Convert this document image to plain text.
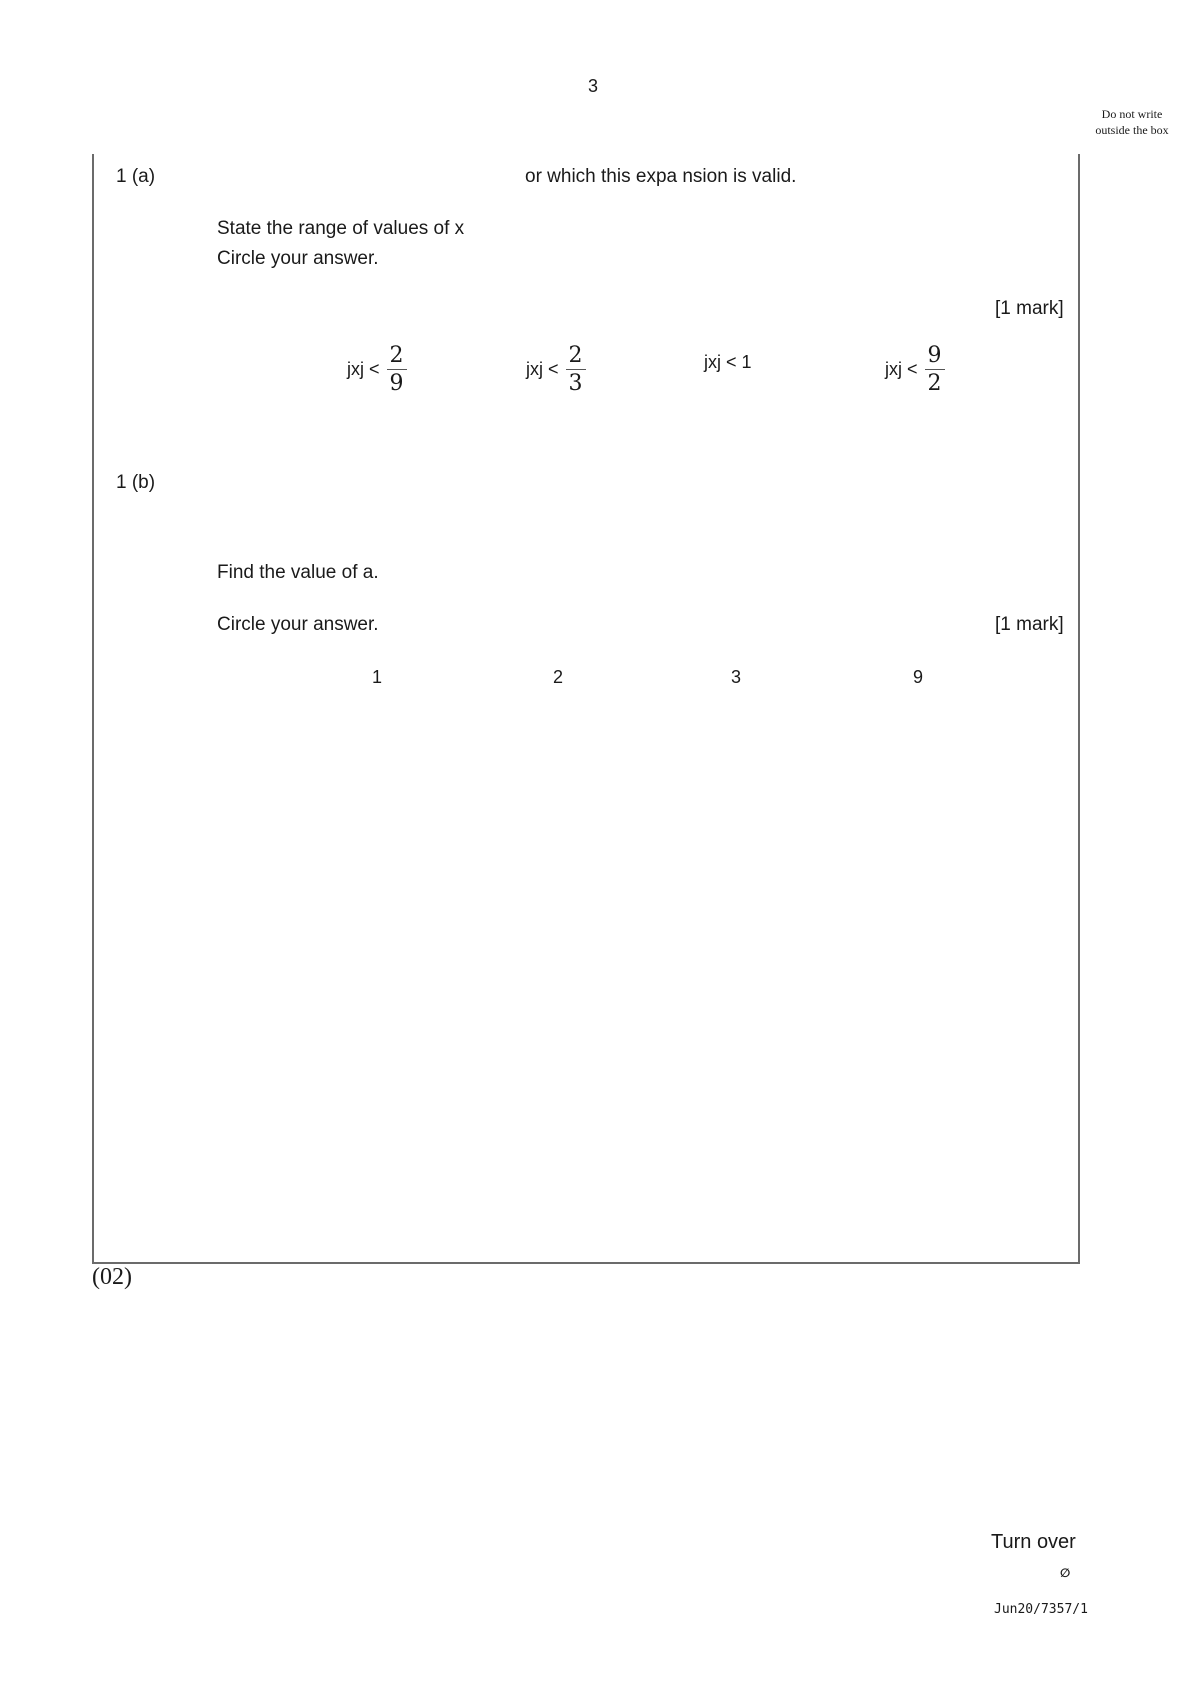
3
Do not write outside the box
1 (a)	or which this expa nsion is valid.
State the range of values of x
Circle your answer.
[1 mark]
jxj < $\frac{2}{9}$	jxj < $\frac{2}{3}$	jxj < 1	jxj < $\frac{9}{2}$
1 (b)
Find the value of a.
Circle your answer.	[1 mark]
1	2	3	9
(02)
Turn over
∅
Jun20/7357/1
